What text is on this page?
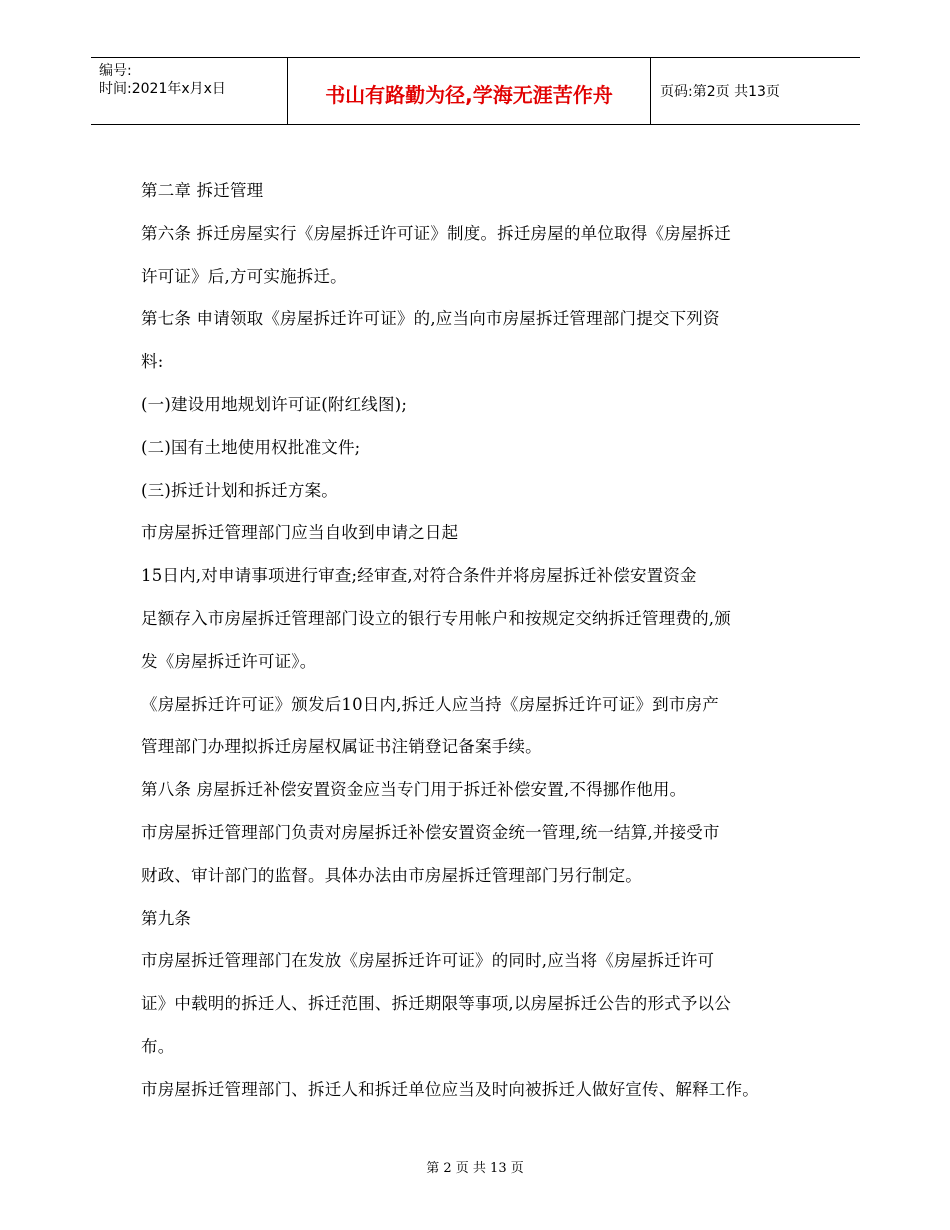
编号:
时间:2021年x月x日	书山有路勤为径,学海无涯苦作舟	页码:第2页 共13页
第二章 拆迁管理
第六条 拆迁房屋实行《房屋拆迁许可证》制度。拆迁房屋的单位取得《房屋拆迁
许可证》后,方可实施拆迁。
第七条 申请领取《房屋拆迁许可证》的,应当向市房屋拆迁管理部门提交下列资
料:
(一)建设用地规划许可证(附红线图);
(二)国有土地使用权批准文件;
(三)拆迁计划和拆迁方案。
市房屋拆迁管理部门应当自收到申请之日起
15日内,对申请事项进行审查;经审查,对符合条件并将房屋拆迁补偿安置资金
足额存入市房屋拆迁管理部门设立的银行专用帐户和按规定交纳拆迁管理费的,颁
发《房屋拆迁许可证》。
《房屋拆迁许可证》颁发后10日内,拆迁人应当持《房屋拆迁许可证》到市房产
管理部门办理拟拆迁房屋权属证书注销登记备案手续。
第八条 房屋拆迁补偿安置资金应当专门用于拆迁补偿安置,不得挪作他用。
市房屋拆迁管理部门负责对房屋拆迁补偿安置资金统一管理,统一结算,并接受市
财政、审计部门的监督。具体办法由市房屋拆迁管理部门另行制定。
第九条
市房屋拆迁管理部门在发放《房屋拆迁许可证》的同时,应当将《房屋拆迁许可
证》中载明的拆迁人、拆迁范围、拆迁期限等事项,以房屋拆迁公告的形式予以公
布。
市房屋拆迁管理部门、拆迁人和拆迁单位应当及时向被拆迁人做好宣传、解释工作。
第 2 页 共 13 页
